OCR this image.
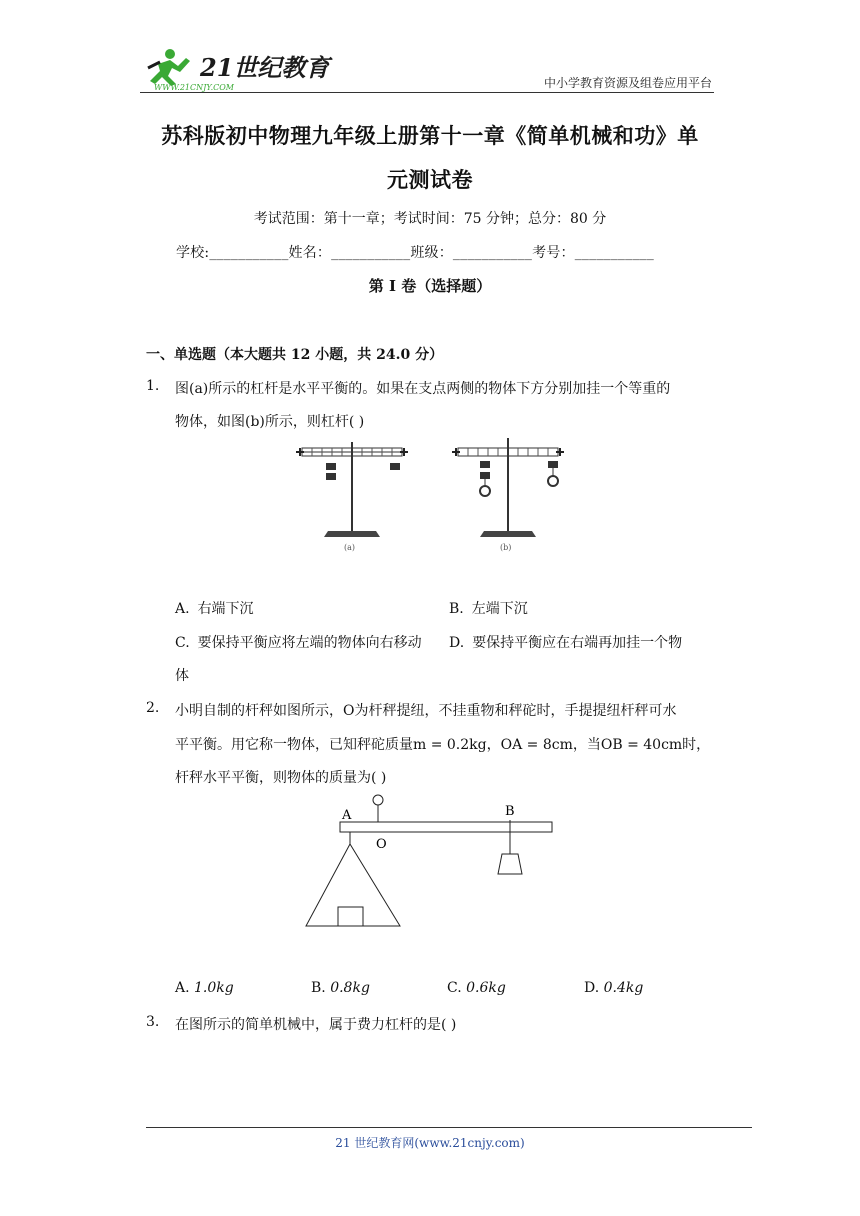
21世纪教育
WWW.21CNJY.COM	中小学教育资源及组卷应用平台
苏科版初中物理九年级上册第十一章《简单机械和功》单
元测试卷
考试范围：第十一章；考试时间：75 分钟；总分：80 分
学校:___________姓名：___________班级：___________考号：___________
第 I 卷（选择题）
一、单选题（本大题共 12 小题，共 24.0 分）
1. 图(a)所示的杠杆是水平平衡的。如果在支点两侧的物体下方分别加挂一个等重的
物体，如图(b)所示，则杠杆( )
(a)	(b)
A. 右端下沉	B. 左端下沉
C. 要保持平衡应将左端的物体向右移动 D. 要保持平衡应在右端再加挂一个物
体
2. 小明自制的杆秤如图所示，O为杆秤提纽，不挂重物和秤砣时，手提提纽杆秤可水
平平衡。用它称一物体，已知秤砣质量m = 0.2kg，OA = 8cm，当OB = 40cm时，
杆秤水平平衡，则物体的质量为( )
A
O
B
A. 1.0kg	B. 0.8kg	C. 0.6kg	D. 0.4kg
3. 在图所示的简单机械中，属于费力杠杆的是( )
21 世纪教育网(www.21cnjy.com)
